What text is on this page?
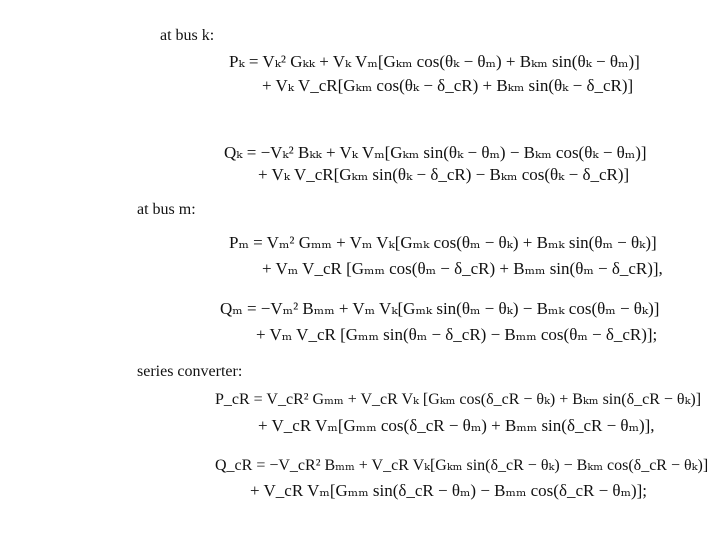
at bus k:
Pₖ = Vₖ² Gₖₖ + Vₖ Vₘ[Gₖₘ cos(θₖ − θₘ) + Bₖₘ sin(θₖ − θₘ)]
+ Vₖ V_cR[Gₖₘ cos(θₖ − δ_cR) + Bₖₘ sin(θₖ − δ_cR)]
Qₖ = −Vₖ² Bₖₖ + Vₖ Vₘ[Gₖₘ sin(θₖ − θₘ) − Bₖₘ cos(θₖ − θₘ)]
+ Vₖ V_cR[Gₖₘ sin(θₖ − δ_cR) − Bₖₘ cos(θₖ − δ_cR)]
at bus m:
Pₘ = Vₘ² Gₘₘ + Vₘ Vₖ[Gₘₖ cos(θₘ − θₖ) + Bₘₖ sin(θₘ − θₖ)]
+ Vₘ V_cR [Gₘₘ cos(θₘ − δ_cR) + Bₘₘ sin(θₘ − δ_cR)],
Qₘ = −Vₘ² Bₘₘ + Vₘ Vₖ[Gₘₖ sin(θₘ − θₖ) − Bₘₖ cos(θₘ − θₖ)]
+ Vₘ V_cR [Gₘₘ sin(θₘ − δ_cR) − Bₘₘ cos(θₘ − δ_cR)];
series converter:
P_cR = V_cR² Gₘₘ + V_cR Vₖ [Gₖₘ cos(δ_cR − θₖ) + Bₖₘ sin(δ_cR − θₖ)]
+ V_cR Vₘ[Gₘₘ cos(δ_cR − θₘ) + Bₘₘ sin(δ_cR − θₘ)],
Q_cR = −V_cR² Bₘₘ + V_cR Vₖ[Gₖₘ sin(δ_cR − θₖ) − Bₖₘ cos(δ_cR − θₖ)]
+ V_cR Vₘ[Gₘₘ sin(δ_cR − θₘ) − Bₘₘ cos(δ_cR − θₘ)];
